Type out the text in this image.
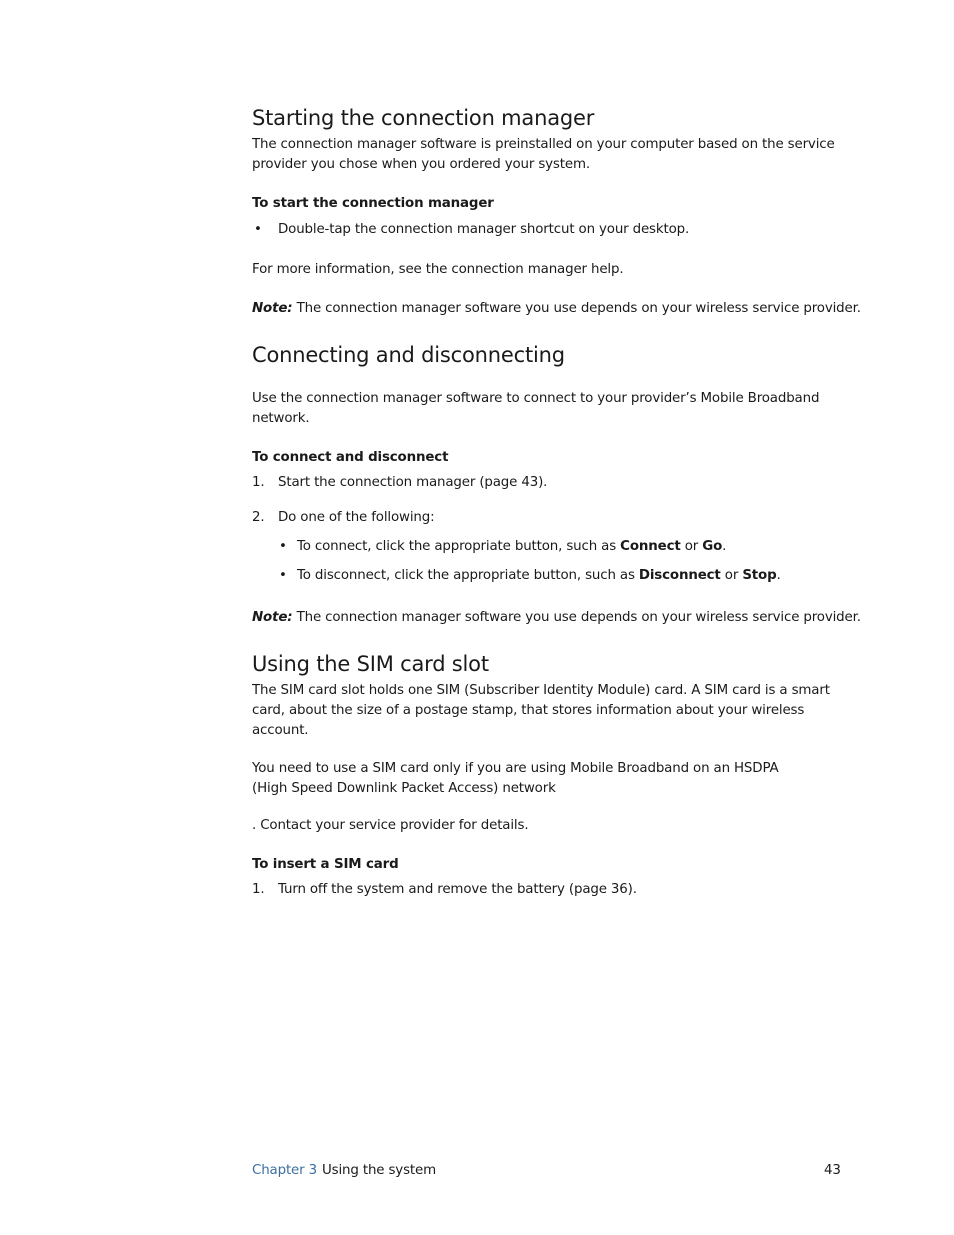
Starting the connection manager
The connection manager software is preinstalled on your computer based on the service
provider you chose when you ordered your system.
To start the connection manager
• Double-tap the connection manager shortcut on your desktop.
For more information, see the connection manager help.
Note: The connection manager software you use depends on your wireless service provider.
Connecting and disconnecting
Use the connection manager software to connect to your provider’s Mobile Broadband
network.
To connect and disconnect
1. Start the connection manager (page 43).
2. Do one of the following:
• To connect, click the appropriate button, such as Connect or Go.
• To disconnect, click the appropriate button, such as Disconnect or Stop.
Note: The connection manager software you use depends on your wireless service provider.
Using the SIM card slot
The SIM card slot holds one SIM (Subscriber Identity Module) card. A SIM card is a smart
card, about the size of a postage stamp, that stores information about your wireless
account.
You need to use a SIM card only if you are using Mobile Broadband on an HSDPA
(High Speed Downlink Packet Access) network
. Contact your service provider for details.
To insert a SIM card
1. Turn off the system and remove the battery (page 36).
Chapter 3 Using the system	43
